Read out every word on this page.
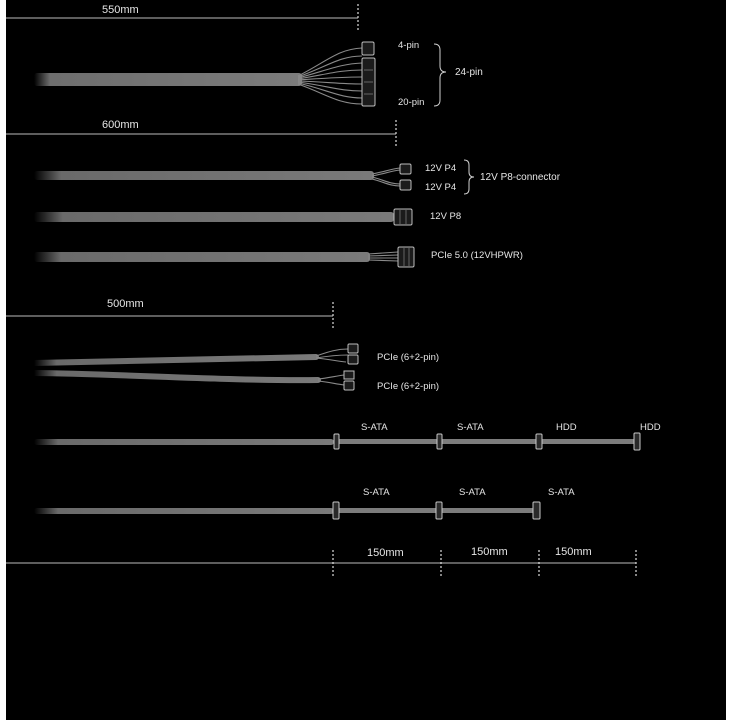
550mm
4-pin
20-pin
24-pin
600mm
12V P4
12V P4
12V P8-connector
12V P8
PCIe 5.0 (12VHPWR)
500mm
PCIe (6+2-pin)
PCIe (6+2-pin)
S-ATA	S-ATA	HDD	HDD
S-ATA	S-ATA	S-ATA
150mm	150mm	150mm
